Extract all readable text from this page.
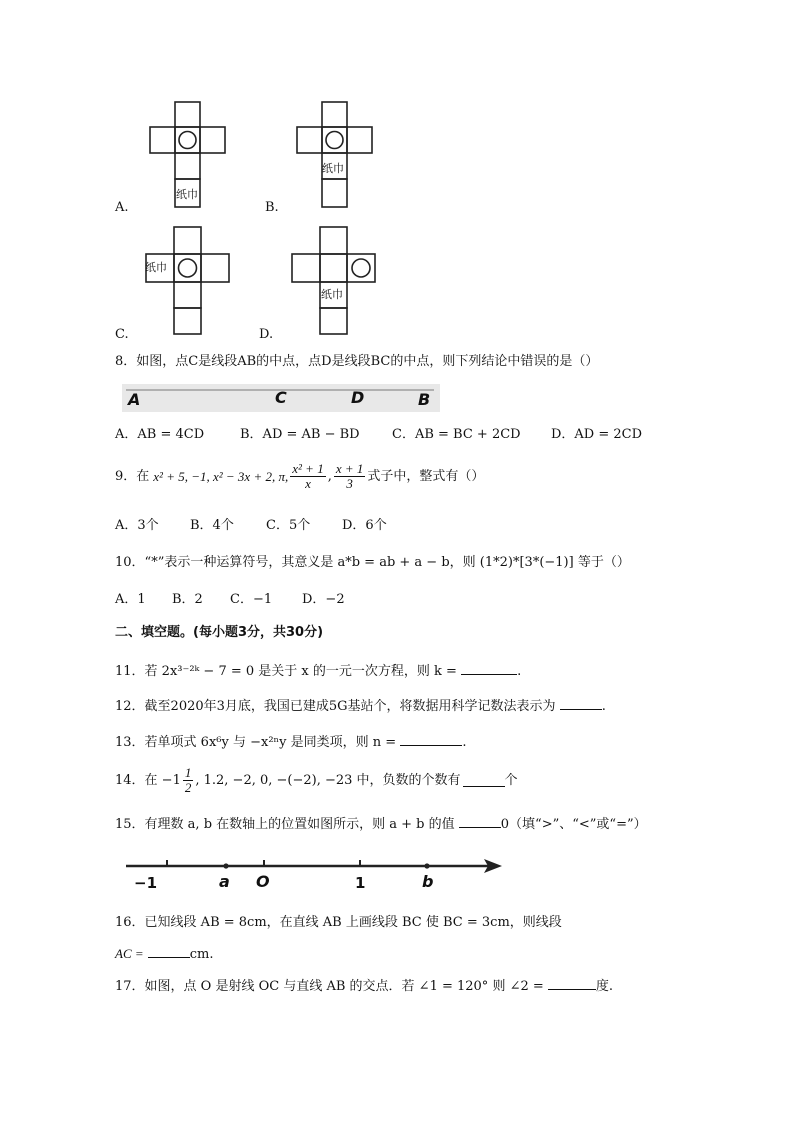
纸巾
A.
纸巾
B.
纸巾
C.
纸巾
D.
8．如图，点C是线段AB的中点，点D是线段BC的中点，则下列结论中错误的是（）
A	C	D	B
A．AB = 4CD	B．AD = AB − BD C．AB = BC + 2CD D．AD = 2CD
9．在 x² + 5, −1, x² − 3x + 2, π, $\frac{\text{x² + 1}}{x}$ , $\frac{x + 1}{3}$ 式子中，整式有（）
A．3个 B．4个 C．5个 D．6个
10．“*”表示一种运算符号，其意义是 a*b = ab + a − b，则 (1*2)*[3*(−1)] 等于（）
A．1 B．2 C．−1 D．−2
二、填空题。(每小题3分，共30分)
11．若 2x³⁻²ᵏ − 7 = 0 是关于 x 的一元一次方程，则 k =	.
12．截至2020年3月底，我国已建成5G基站个，将数据用科学记数法表示为	.
13．若单项式 6x⁶y 与 −x²ⁿy 是同类项，则 n =	.
14．在 $-1 \frac{1}{2}$ , 1.2, −2, 0, −(−2), −23 中，负数的个数有	个
15．有理数 a, b 在数轴上的位置如图所示，则 a + b 的值	0（填“>”、“<”或“=”）
−1	a O	1	b
16．已知线段 AB = 8cm，在直线 AB 上画线段 BC 使 BC = 3cm，则线段
AC =	cm.
17．如图，点 O 是射线 OC 与直线 AB 的交点．若 ∠1 = 120° 则 ∠2 =	度.
